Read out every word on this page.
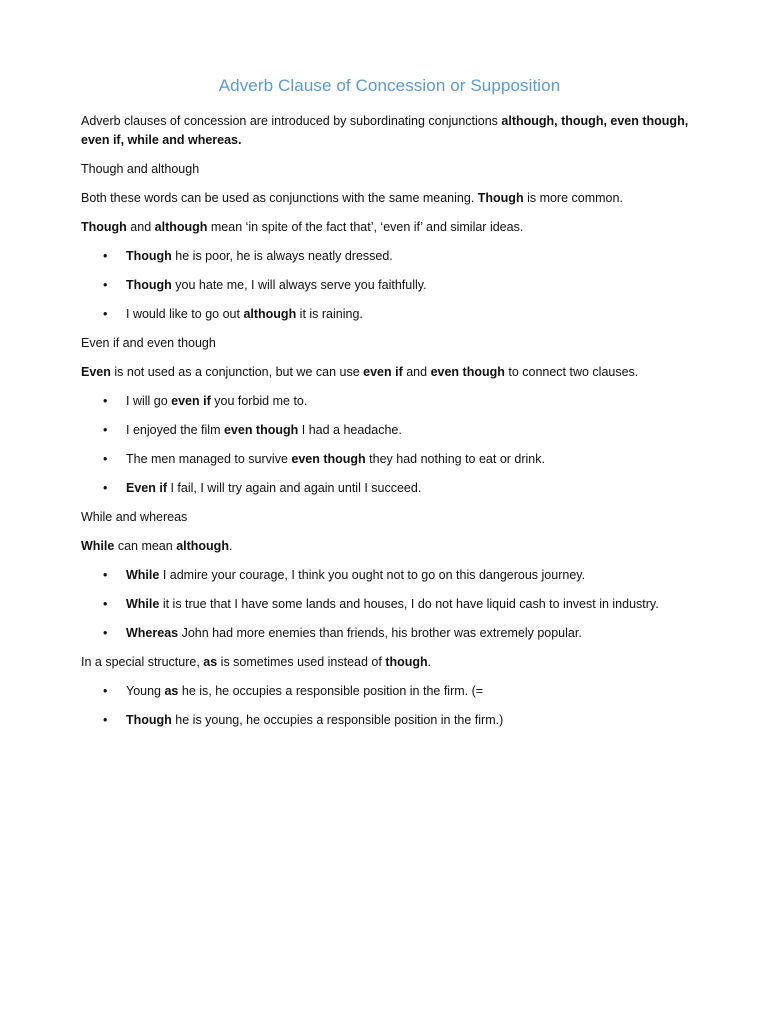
Adverb Clause of Concession or Supposition

Adverb clauses of concession are introduced by subordinating conjunctions although, though, even though, even if, while and whereas.

Though and although

Both these words can be used as conjunctions with the same meaning. Though is more common.

Though and although mean ‘in spite of the fact that’, ‘even if’ and similar ideas.

• Though he is poor, he is always neatly dressed.
• Though you hate me, I will always serve you faithfully.
• I would like to go out although it is raining.

Even if and even though

Even is not used as a conjunction, but we can use even if and even though to connect two clauses.

• I will go even if you forbid me to.
• I enjoyed the film even though I had a headache.
• The men managed to survive even though they had nothing to eat or drink.
• Even if I fail, I will try again and again until I succeed.

While and whereas

While can mean although.

• While I admire your courage, I think you ought not to go on this dangerous journey.
• While it is true that I have some lands and houses, I do not have liquid cash to invest in industry.
• Whereas John had more enemies than friends, his brother was extremely popular.

In a special structure, as is sometimes used instead of though.

• Young as he is, he occupies a responsible position in the firm. (=
• Though he is young, he occupies a responsible position in the firm.)
